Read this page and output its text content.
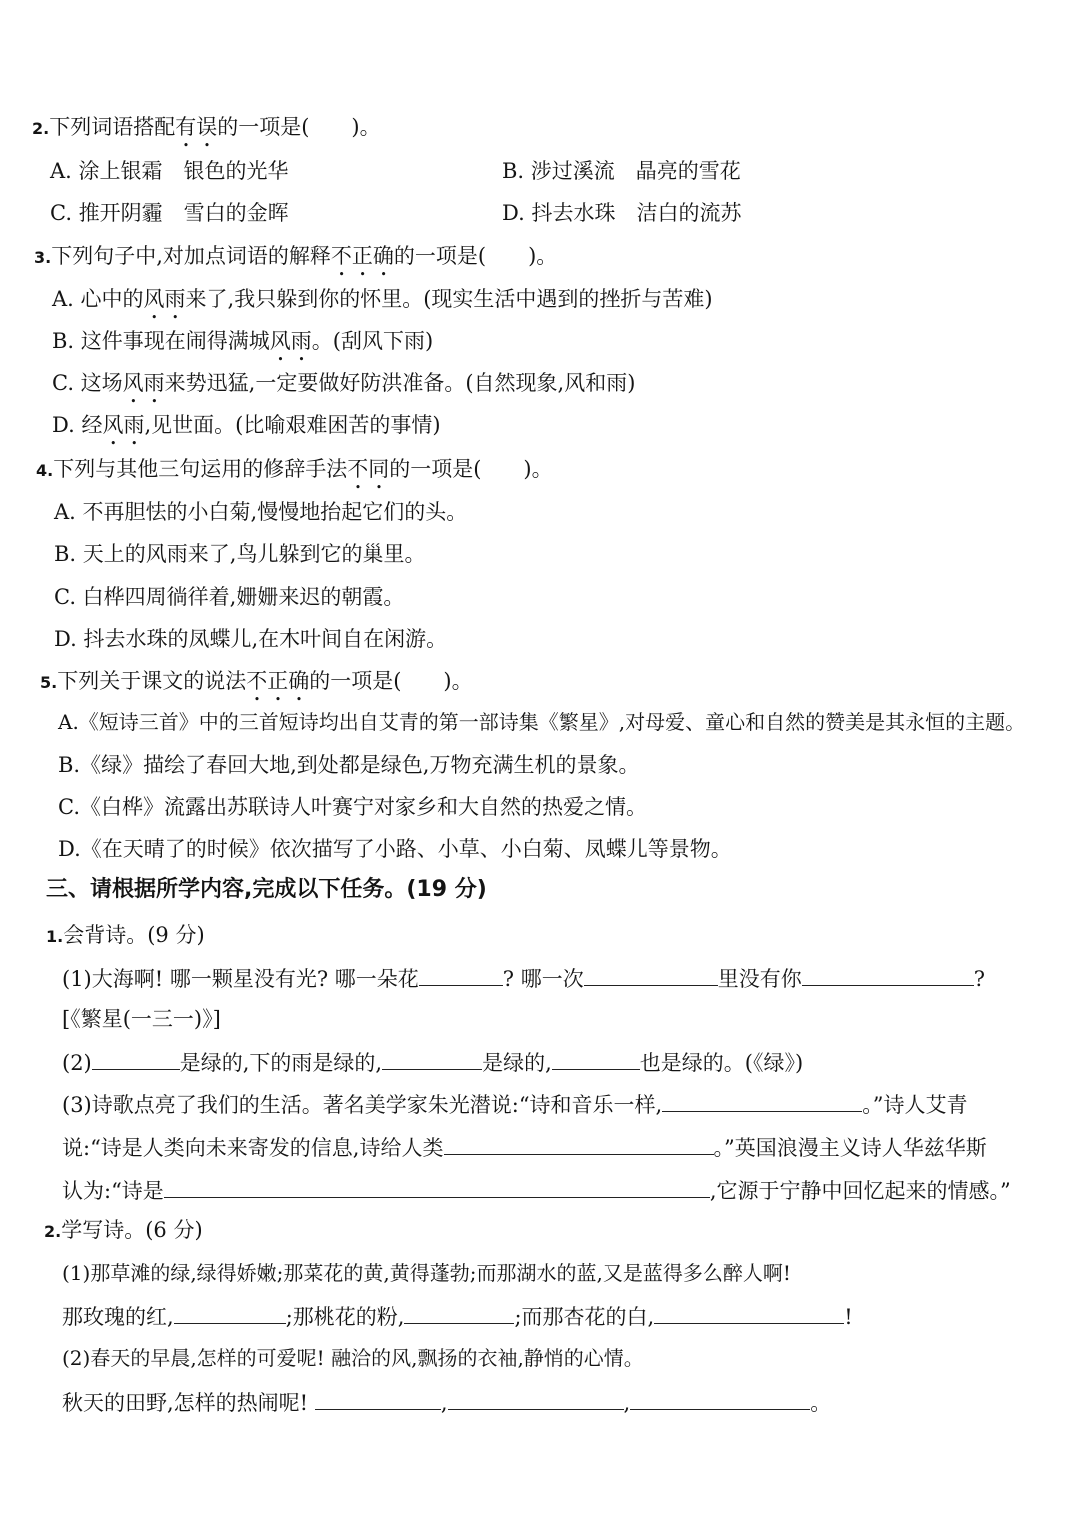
2.下列词语搭配有误的一项是(　　)。
A. 涂上银霜　银色的光华	B. 涉过溪流　晶亮的雪花
C. 推开阴霾　雪白的金晖	D. 抖去水珠　洁白的流苏
3.下列句子中,对加点词语的解释不正确的一项是(　　)。
A. 心中的风雨来了,我只躲到你的怀里。(现实生活中遇到的挫折与苦难)
B. 这件事现在闹得满城风雨。(刮风下雨)
C. 这场风雨来势迅猛,一定要做好防洪准备。(自然现象,风和雨)
D. 经风雨,见世面。(比喻艰难困苦的事情)
4.下列与其他三句运用的修辞手法不同的一项是(　　)。
A. 不再胆怯的小白菊,慢慢地抬起它们的头。
B. 天上的风雨来了,鸟儿躲到它的巢里。
C. 白桦四周徜徉着,姗姗来迟的朝霞。
D. 抖去水珠的凤蝶儿,在木叶间自在闲游。
5.下列关于课文的说法不正确的一项是(　　)。
A.《短诗三首》中的三首短诗均出自艾青的第一部诗集《繁星》,对母爱、童心和自然的赞美是其永恒的主题。
B.《绿》描绘了春回大地,到处都是绿色,万物充满生机的景象。
C.《白桦》流露出苏联诗人叶赛宁对家乡和大自然的热爱之情。
D.《在天晴了的时候》依次描写了小路、小草、小白菊、凤蝶儿等景物。
三、请根据所学内容,完成以下任务。(19 分)
1.会背诗。(9 分)
(1)大海啊! 哪一颗星没有光? 哪一朵花	? 哪一次	里没有你	?
[《繁星(一三一)》]
(2)	是绿的,下的雨是绿的,	是绿的,	也是绿的。(《绿》)
(3)诗歌点亮了我们的生活。著名美学家朱光潜说:“诗和音乐一样,	。”诗人艾青
说:“诗是人类向未来寄发的信息,诗给人类	。”英国浪漫主义诗人华兹华斯
认为:“诗是	,它源于宁静中回忆起来的情感。”
2.学写诗。(6 分)
(1)那草滩的绿,绿得娇嫩;那菜花的黄,黄得蓬勃;而那湖水的蓝,又是蓝得多么醉人啊!
那玫瑰的红,	;那桃花的粉,	;而那杏花的白,	!
(2)春天的早晨,怎样的可爱呢! 融洽的风,飘扬的衣袖,静悄的心情。
秋天的田野,怎样的热闹呢!	,	,	。
